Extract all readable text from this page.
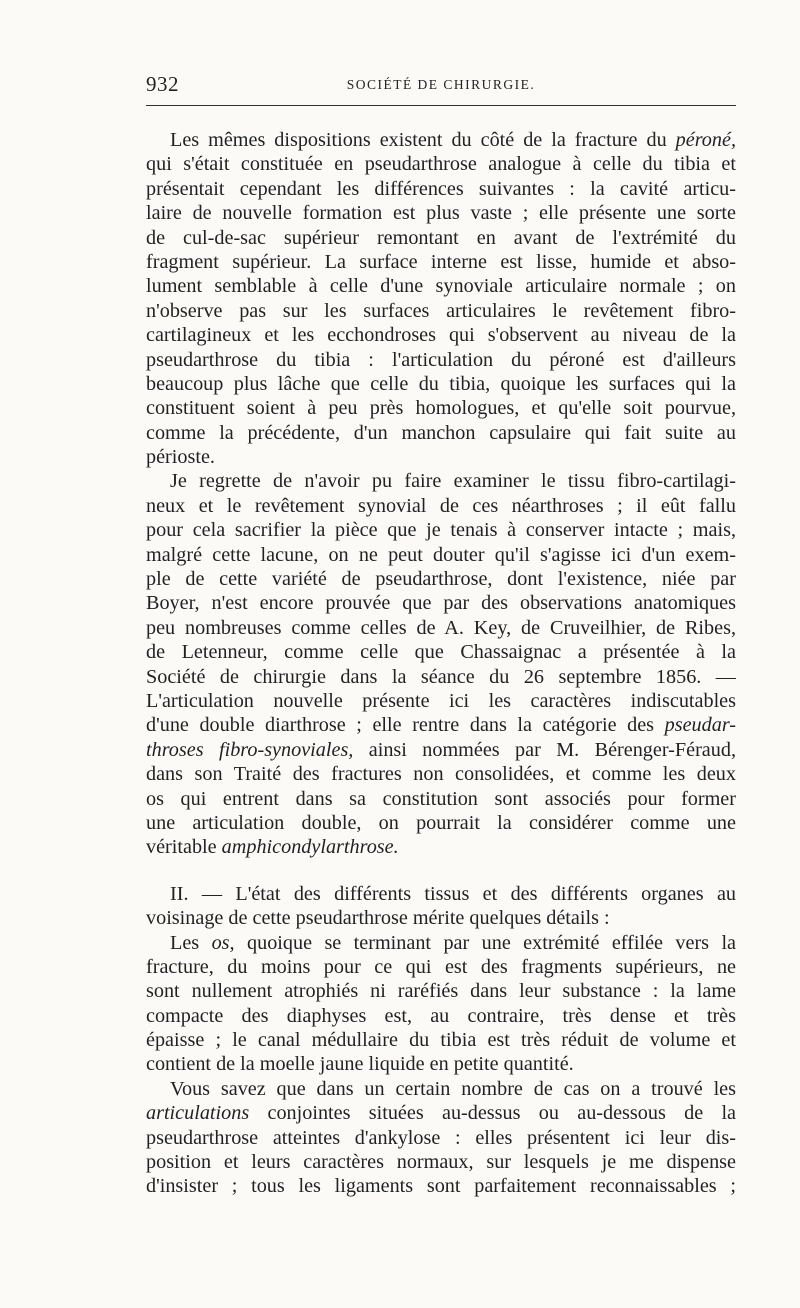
932	SOCIÉTÉ DE CHIRURGIE.
Les mêmes dispositions existent du côté de la fracture du péroné,
qui s'était constituée en pseudarthrose analogue à celle du tibia et
présentait cependant les différences suivantes : la cavité articu-
laire de nouvelle formation est plus vaste ; elle présente une sorte
de cul-de-sac supérieur remontant en avant de l'extrémité du
fragment supérieur. La surface interne est lisse, humide et abso-
lument semblable à celle d'une synoviale articulaire normale ; on
n'observe pas sur les surfaces articulaires le revêtement fibro-
cartilagineux et les ecchondroses qui s'observent au niveau de la
pseudarthrose du tibia : l'articulation du péroné est d'ailleurs
beaucoup plus lâche que celle du tibia, quoique les surfaces qui la
constituent soient à peu près homologues, et qu'elle soit pourvue,
comme la précédente, d'un manchon capsulaire qui fait suite au
périoste.
Je regrette de n'avoir pu faire examiner le tissu fibro-cartilagi-
neux et le revêtement synovial de ces néarthroses ; il eût fallu
pour cela sacrifier la pièce que je tenais à conserver intacte ; mais,
malgré cette lacune, on ne peut douter qu'il s'agisse ici d'un exem-
ple de cette variété de pseudarthrose, dont l'existence, niée par
Boyer, n'est encore prouvée que par des observations anatomiques
peu nombreuses comme celles de A. Key, de Cruveilhier, de Ribes,
de Letenneur, comme celle que Chassaignac a présentée à la
Société de chirurgie dans la séance du 26 septembre 1856. —
L'articulation nouvelle présente ici les caractères indiscutables
d'une double diarthrose ; elle rentre dans la catégorie des pseudar-
throses fibro-synoviales, ainsi nommées par M. Bérenger-Féraud,
dans son Traité des fractures non consolidées, et comme les deux
os qui entrent dans sa constitution sont associés pour former
une articulation double, on pourrait la considérer comme une
véritable amphicondylarthrose.
II. — L'état des différents tissus et des différents organes au
voisinage de cette pseudarthrose mérite quelques détails :
Les os, quoique se terminant par une extrémité effilée vers la
fracture, du moins pour ce qui est des fragments supérieurs, ne
sont nullement atrophiés ni raréfiés dans leur substance : la lame
compacte des diaphyses est, au contraire, très dense et très
épaisse ; le canal médullaire du tibia est très réduit de volume et
contient de la moelle jaune liquide en petite quantité.
Vous savez que dans un certain nombre de cas on a trouvé les
articulations conjointes situées au-dessus ou au-dessous de la
pseudarthrose atteintes d'ankylose : elles présentent ici leur dis-
position et leurs caractères normaux, sur lesquels je me dispense
d'insister ; tous les ligaments sont parfaitement reconnaissables ;
